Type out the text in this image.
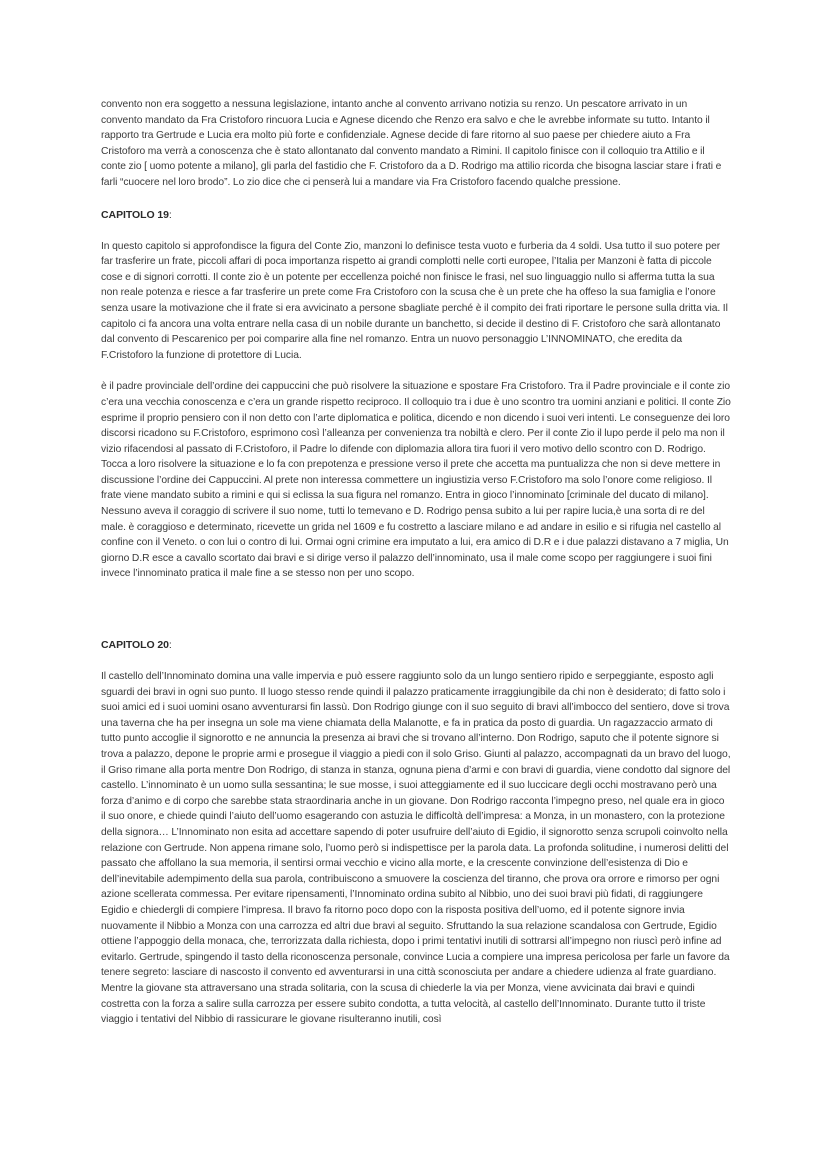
convento non era soggetto a nessuna legislazione, intanto anche al convento arrivano notizia su renzo. Un pescatore arrivato in un convento mandato da Fra Cristoforo rincuora Lucia e Agnese dicendo che Renzo era salvo e che le avrebbe informate su tutto. Intanto il rapporto tra Gertrude e Lucia era molto più forte e confidenziale. Agnese decide di fare ritorno al suo paese per chiedere aiuto a Fra Cristoforo ma verrà a conoscenza che è stato allontanato dal convento mandato a Rimini. Il capitolo finisce con il colloquio tra Attilio e il conte zio [ uomo potente a milano], gli parla del fastidio che F. Cristoforo da a D. Rodrigo ma attilio ricorda che bisogna lasciar stare i frati e farli “cuocere nel loro brodo”. Lo zio dice che ci penserà lui a mandare via Fra Cristoforo facendo qualche pressione.

CAPITOLO 19:

In questo capitolo si approfondisce la figura del Conte Zio, manzoni lo definisce testa vuoto e furberia da 4 soldi. Usa tutto il suo potere per far trasferire un frate, piccoli affari di poca importanza rispetto ai grandi complotti nelle corti europee, l’Italia per Manzoni è fatta di piccole cose e di signori corrotti. Il conte zio è un potente per eccellenza poiché non finisce le frasi, nel suo linguaggio nullo si afferma tutta la sua non reale potenza e riesce a far trasferire un prete come Fra Cristoforo con la scusa che è un prete che ha offeso la sua famiglia e l’onore senza usare la motivazione che il frate si era avvicinato a persone sbagliate perché è il compito dei frati riportare le persone sulla dritta via. Il capitolo ci fa ancora una volta entrare nella casa di un nobile durante un banchetto, si decide il destino di F. Cristoforo che sarà allontanato dal convento di Pescarenico per poi comparire alla fine nel romanzo. Entra un nuovo personaggio L’INNOMINATO, che eredita da F.Cristoforo la funzione di protettore di Lucia.

è il padre provinciale dell’ordine dei cappuccini che può risolvere la situazione e spostare Fra Cristoforo. Tra il Padre provinciale e il conte zio c’era una vecchia conoscenza e c’era un grande rispetto reciproco. Il colloquio tra i due è uno scontro tra uomini anziani e politici. Il conte Zio esprime il proprio pensiero con il non detto con l’arte diplomatica e politica, dicendo e non dicendo i suoi veri intenti. Le conseguenze dei loro discorsi ricadono su F.Cristoforo, esprimono così l’alleanza per convenienza tra nobiltà e clero. Per il conte Zio il lupo perde il pelo ma non il vizio rifacendosi al passato di F.Cristoforo, il Padre lo difende con diplomazia allora tira fuori il vero motivo dello scontro con D. Rodrigo. Tocca a loro risolvere la situazione e lo fa con prepotenza e pressione verso il prete che accetta ma puntualizza che non si deve mettere in discussione l’ordine dei Cappuccini. Al prete non interessa commettere un ingiustizia verso F.Cristoforo ma solo l’onore come religioso. Il frate viene mandato subito a rimini e qui si eclissa la sua figura nel romanzo. Entra in gioco l’innominato [criminale del ducato di milano]. Nessuno aveva il coraggio di scrivere il suo nome, tutti lo temevano e D. Rodrigo pensa subito a lui per rapire lucia,è una sorta di re del male. è coraggioso e determinato, ricevette un grida nel 1609 e fu costretto a lasciare milano e ad andare in esilio e si rifugia nel castello al confine con il Veneto. o con lui o contro di lui. Ormai ogni crimine era imputato a lui, era amico di D.R e i due palazzi distavano a 7 miglia, Un giorno D.R esce a cavallo scortato dai bravi e si dirige verso il palazzo dell’innominato, usa il male come scopo per raggiungere i suoi fini invece l’innominato pratica il male fine a se stesso non per uno scopo.

CAPITOLO 20:

Il castello dell’Innominato domina una valle impervia e può essere raggiunto solo da un lungo sentiero ripido e serpeggiante, esposto agli sguardi dei bravi in ogni suo punto. Il luogo stesso rende quindi il palazzo praticamente irraggiungibile da chi non è desiderato; di fatto solo i suoi amici ed i suoi uomini osano avventurarsi fin lassù. Don Rodrigo giunge con il suo seguito di bravi all’imbocco del sentiero, dove si trova una taverna che ha per insegna un sole ma viene chiamata della Malanotte, e fa in pratica da posto di guardia. Un ragazzaccio armato di tutto punto accoglie il signorotto e ne annuncia la presenza ai bravi che si trovano all’interno. Don Rodrigo, saputo che il potente signore si trova a palazzo, depone le proprie armi e prosegue il viaggio a piedi con il solo Griso. Giunti al palazzo, accompagnati da un bravo del luogo, il Griso rimane alla porta mentre Don Rodrigo, di stanza in stanza, ognuna piena d’armi e con bravi di guardia, viene condotto dal signore del castello. L’innominato è un uomo sulla sessantina; le sue mosse, i suoi atteggiamente ed il suo luccicare degli occhi mostravano però una forza d’animo e di corpo che sarebbe stata straordinaria anche in un giovane. Don Rodrigo racconta l’impegno preso, nel quale era in gioco il suo onore, e chiede quindi l’aiuto dell’uomo esagerando con astuzia le difficoltà dell’impresa: a Monza, in un monastero, con la protezione della signora… L’Innominato non esita ad accettare sapendo di poter usufruire dell’aiuto di Egidio, il signorotto senza scrupoli coinvolto nella relazione con Gertrude. Non appena rimane solo, l’uomo però si indispettisce per la parola data. La profonda solitudine, i numerosi delitti del passato che affollano la sua memoria, il sentirsi ormai vecchio e vicino alla morte, e la crescente convinzione dell’esistenza di Dio e dell’inevitabile adempimento della sua parola, contribuiscono a smuovere la coscienza del tiranno, che prova ora orrore e rimorso per ogni azione scellerata commessa. Per evitare ripensamenti, l’Innominato ordina subito al Nibbio, uno dei suoi bravi più fidati, di raggiungere Egidio e chiedergli di compiere l’impresa. Il bravo fa ritorno poco dopo con la risposta positiva dell’uomo, ed il potente signore invia nuovamente il Nibbio a Monza con una carrozza ed altri due bravi al seguito. Sfruttando la sua relazione scandalosa con Gertrude, Egidio ottiene l’appoggio della monaca, che, terrorizzata dalla richiesta, dopo i primi tentativi inutili di sottrarsi all’impegno non riuscì però infine ad evitarlo. Gertrude, spingendo il tasto della riconoscenza personale, convince Lucia a compiere una impresa pericolosa per farle un favore da tenere segreto: lasciare di nascosto il convento ed avventurarsi in una città sconosciuta per andare a chiedere udienza al frate guardiano. Mentre la giovane sta attraversano una strada solitaria, con la scusa di chiederle la via per Monza, viene avvicinata dai bravi e quindi costretta con la forza a salire sulla carrozza per essere subito condotta, a tutta velocità, al castello dell’Innominato. Durante tutto il triste viaggio i tentativi del Nibbio di rassicurare le giovane risulteranno inutili, così
